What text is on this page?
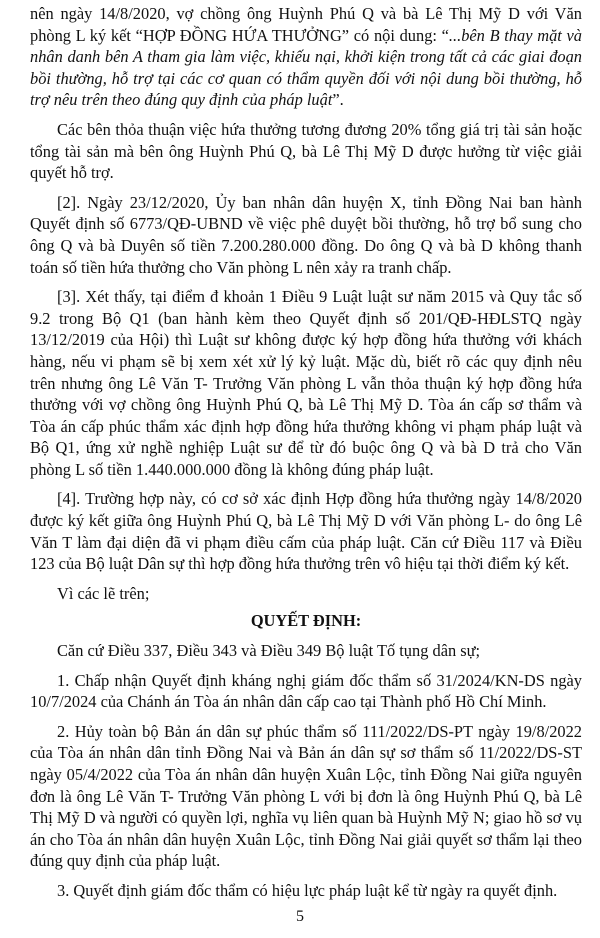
nên ngày 14/8/2020, vợ chồng ông Huỳnh Phú Q và bà Lê Thị Mỹ D với Văn phòng L ký kết “HỢP ĐỒNG HỨA THƯỞNG” có nội dung: “...bên B thay mặt và nhân danh bên A tham gia làm việc, khiếu nại, khởi kiện trong tất cả các giai đoạn bồi thường, hỗ trợ tại các cơ quan có thẩm quyền đối với nội dung bồi thường, hỗ trợ nêu trên theo đúng quy định của pháp luật”.

Các bên thỏa thuận việc hứa thưởng tương đương 20% tổng giá trị tài sản hoặc tổng tài sản mà bên ông Huỳnh Phú Q, bà Lê Thị Mỹ D được hưởng từ việc giải quyết hỗ trợ.

[2]. Ngày 23/12/2020, Ủy ban nhân dân huyện X, tỉnh Đồng Nai ban hành Quyết định số 6773/QĐ-UBND về việc phê duyệt bồi thường, hỗ trợ bổ sung cho ông Q và bà Duyên số tiền 7.200.280.000 đồng. Do ông Q và bà D không thanh toán số tiền hứa thưởng cho Văn phòng L nên xảy ra tranh chấp.

[3]. Xét thấy, tại điểm đ khoản 1 Điều 9 Luật luật sư năm 2015 và Quy tắc số 9.2 trong Bộ Q1 (ban hành kèm theo Quyết định số 201/QĐ-HĐLSTQ ngày 13/12/2019 của Hội) thì Luật sư không được ký hợp đồng hứa thưởng với khách hàng, nếu vi phạm sẽ bị xem xét xử lý kỷ luật. Mặc dù, biết rõ các quy định nêu trên nhưng ông Lê Văn T- Trưởng Văn phòng L vẫn thỏa thuận ký hợp đồng hứa thưởng với vợ chồng ông Huỳnh Phú Q, bà Lê Thị Mỹ D. Tòa án cấp sơ thẩm và Tòa án cấp phúc thẩm xác định hợp đồng hứa thưởng không vi phạm pháp luật và Bộ Q1, ứng xử nghề nghiệp Luật sư để từ đó buộc ông Q và bà D trả cho Văn phòng L số tiền 1.440.000.000 đồng là không đúng pháp luật.

[4]. Trường hợp này, có cơ sở xác định Hợp đồng hứa thưởng ngày 14/8/2020 được ký kết giữa ông Huỳnh Phú Q, bà Lê Thị Mỹ D với Văn phòng L- do ông Lê Văn T làm đại diện đã vi phạm điều cấm của pháp luật. Căn cứ Điều 117 và Điều 123 của Bộ luật Dân sự thì hợp đồng hứa thưởng trên vô hiệu tại thời điểm ký kết.

Vì các lẽ trên;

QUYẾT ĐỊNH:

Căn cứ Điều 337, Điều 343 và Điều 349 Bộ luật Tố tụng dân sự;

1. Chấp nhận Quyết định kháng nghị giám đốc thẩm số 31/2024/KN-DS ngày 10/7/2024 của Chánh án Tòa án nhân dân cấp cao tại Thành phố Hồ Chí Minh.

2. Hủy toàn bộ Bản án dân sự phúc thẩm số 111/2022/DS-PT ngày 19/8/2022 của Tòa án nhân dân tỉnh Đồng Nai và Bản án dân sự sơ thẩm số 11/2022/DS-ST ngày 05/4/2022 của Tòa án nhân dân huyện Xuân Lộc, tỉnh Đồng Nai giữa nguyên đơn là ông Lê Văn T- Trưởng Văn phòng L với bị đơn là ông Huỳnh Phú Q, bà Lê Thị Mỹ D và người có quyền lợi, nghĩa vụ liên quan bà Huỳnh Mỹ N; giao hồ sơ vụ án cho Tòa án nhân dân huyện Xuân Lộc, tỉnh Đồng Nai giải quyết sơ thẩm lại theo đúng quy định của pháp luật.

3. Quyết định giám đốc thẩm có hiệu lực pháp luật kể từ ngày ra quyết định.

5
